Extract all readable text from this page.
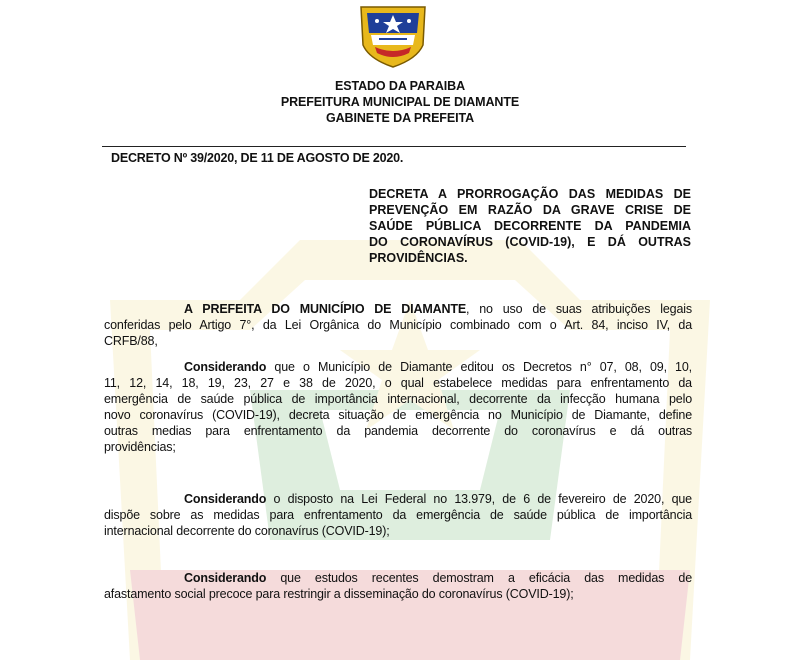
ESTADO DA PARAIBA
PREFEITURA MUNICIPAL DE DIAMANTE
GABINETE DA PREFEITA
DECRETO Nº 39/2020, DE 11 DE AGOSTO DE 2020.
DECRETA A PRORROGAÇÃO DAS MEDIDAS DE
PREVENÇÃO EM RAZÃO DA GRAVE CRISE DE
SAÚDE PÚBLICA DECORRENTE DA PANDEMIA
DO CORONAVÍRUS (COVID-19), E DÁ OUTRAS
PROVIDÊNCIAS.
A PREFEITA DO MUNICÍPIO DE DIAMANTE, no uso de suas atribuições legais
conferidas pelo Artigo 7°, da Lei Orgânica do Município combinado com o Art. 84, inciso IV, da
CRFB/88,
Considerando que o Município de Diamante editou os Decretos n° 07, 08, 09, 10,
11, 12, 14, 18, 19, 23, 27 e 38 de 2020, o qual estabelece medidas para enfrentamento da
emergência de saúde pública de importância internacional, decorrente da infecção humana pelo
novo coronavírus (COVID-19), decreta situação de emergência no Município de Diamante, define
outras medias para enfrentamento da pandemia decorrente do coronavírus e dá outras
providências;
Considerando o disposto na Lei Federal no 13.979, de 6 de fevereiro de 2020, que
dispõe sobre as medidas para enfrentamento da emergência de saúde pública de importância
internacional decorrente do coronavírus (COVID-19);
Considerando que estudos recentes demostram a eficácia das medidas de
afastamento social precoce para restringir a disseminação do coronavírus (COVID-19);
